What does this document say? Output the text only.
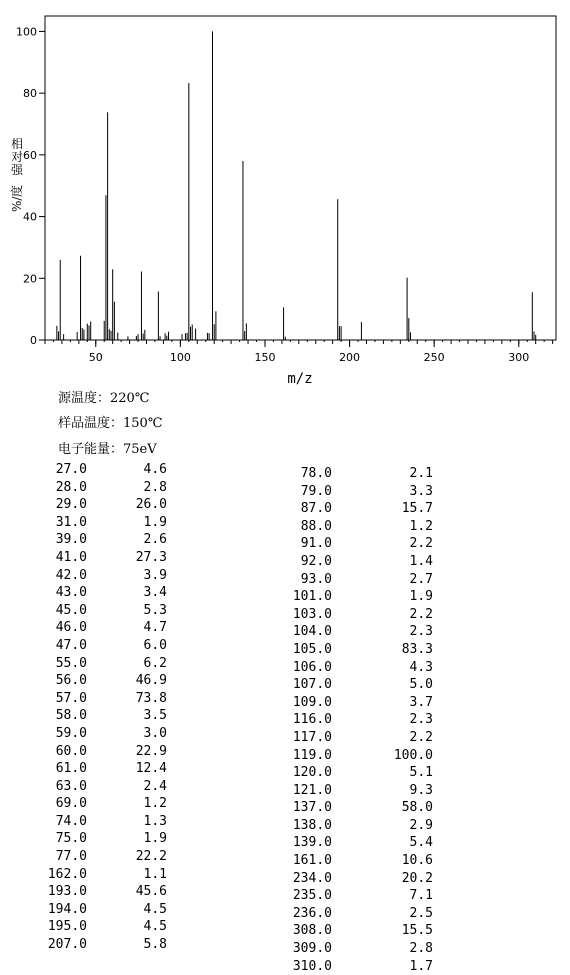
50	100	150	200	250	300
0
20
40
60
80
100
m/z
相
对
强
%/
度
源温度：220℃
样品温度：150℃
电子能量：75eV
27.0	4.6
28.0	2.8
29.0	26.0
31.0	1.9
39.0	2.6
41.0	27.3
42.0	3.9
43.0	3.4
45.0	5.3
46.0	4.7
47.0	6.0
55.0	6.2
56.0	46.9
57.0	73.8
58.0	3.5
59.0	3.0
60.0	22.9
61.0	12.4
63.0	2.4
69.0	1.2
74.0	1.3
75.0	1.9
77.0	22.2
162.0	1.1
193.0	45.6
194.0	4.5
195.0	4.5
207.0	5.8
78.0	2.1
79.0	3.3
87.0	15.7
88.0	1.2
91.0	2.2
92.0	1.4
93.0	2.7
101.0	1.9
103.0	2.2
104.0	2.3
105.0	83.3
106.0	4.3
107.0	5.0
109.0	3.7
116.0	2.3
117.0	2.2
119.0	100.0
120.0	5.1
121.0	9.3
137.0	58.0
138.0	2.9
139.0	5.4
161.0	10.6
234.0	20.2
235.0	7.1
236.0	2.5
308.0	15.5
309.0	2.8
310.0	1.7
